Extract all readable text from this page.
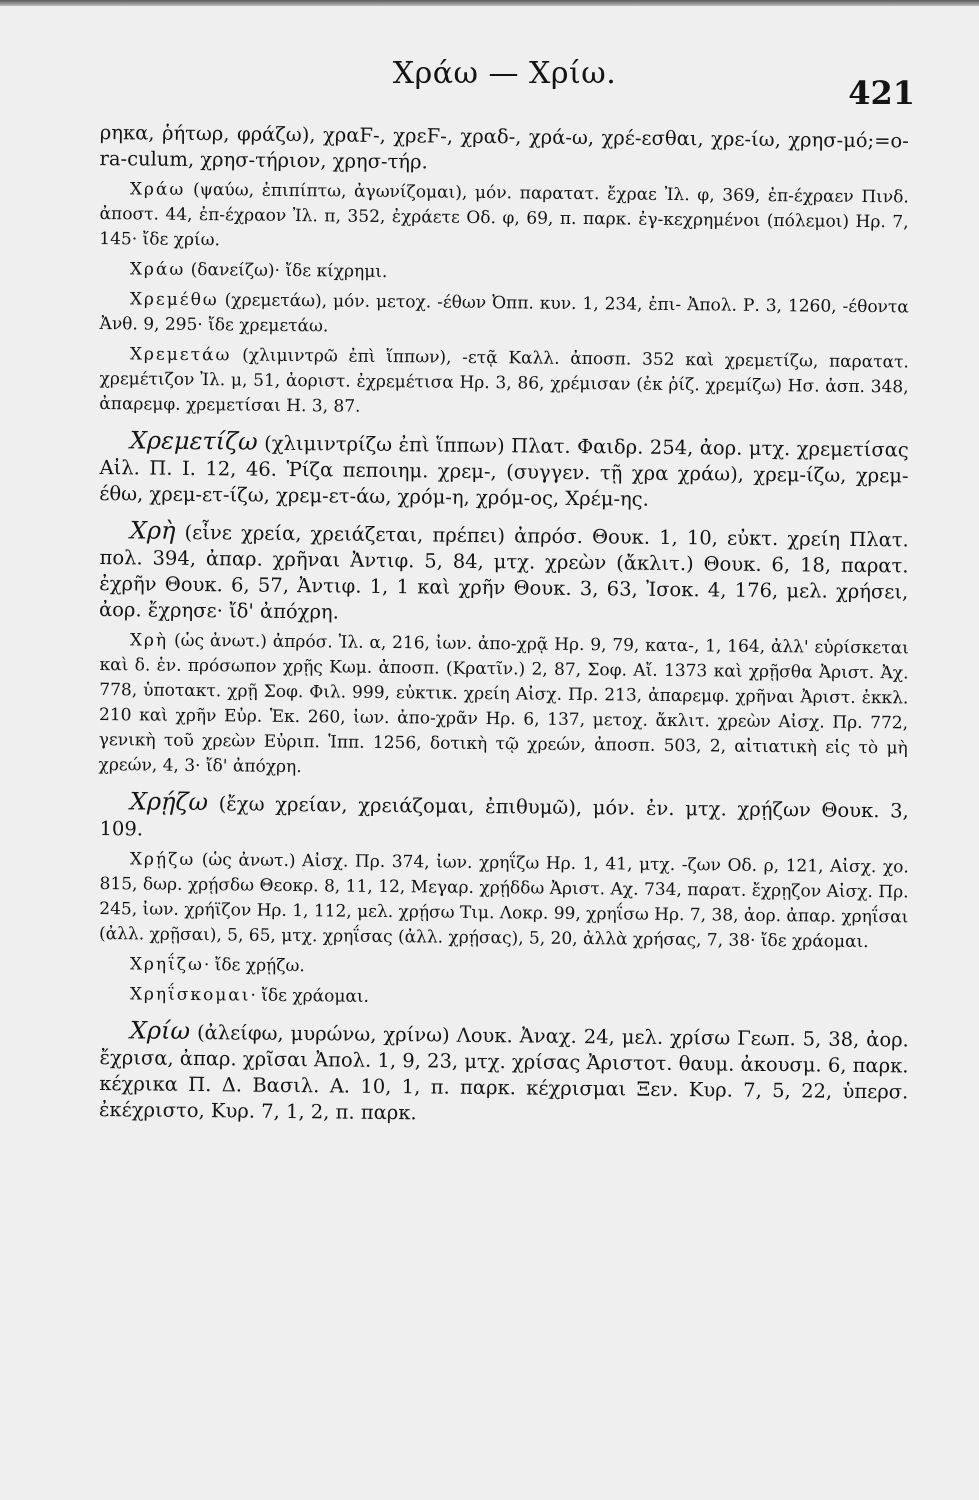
Χράω — Χρίω.
421

ρηκα, ῥήτωρ, φράζω), χραϜ-, χρεϜ-, χραδ-, χρά-ω, χρέ-εσθαι, χρε-ίω, χρησ-μό;=o-ra-culum, χρησ-τήριον, χρησ-τήρ.

Χράω (ψαύω, ἐπιπίπτω, ἀγωνίζομαι), μόν. παρατατ. ἔχραε Ἰλ. φ, 369, ἐπ-έχραεν Πινδ. ἀποστ. 44, ἐπ-έχραον Ἰλ. π, 352, ἐχράετε Οδ. φ, 69, π. παρκ. ἐγ-κεχρημένοι (πόλεμοι) Ηρ. 7, 145· ἴδε χρίω.

Χράω (δανείζω)· ἴδε κίχρημι.

Χρεμέθω (χρεμετάω), μόν. μετοχ. -έθων Ὀππ. κυν. 1, 234, ἐπι- Ἀπολ. Ρ. 3, 1260, -έθοντα Ἀνθ. 9, 295· ἴδε χρεμετάω.

Χρεμετάω (χλιμιντρῶ ἐπὶ ἵππων), -ετᾷ Καλλ. ἀποσπ. 352 καὶ χρεμετίζω, παρατατ. χρεμέτιζον Ἰλ. μ, 51, ἀοριστ. ἐχρεμέτισα Ηρ. 3, 86, χρέμισαν (ἐκ ῥίζ. χρεμίζω) Ησ. ἀσπ. 348, ἀπαρεμφ. χρεμετίσαι Η. 3, 87.

Χρεμετίζω (χλιμιντρίζω ἐπὶ ἵππων) Πλατ. Φαιδρ. 254, ἀορ. μτχ. χρεμετίσας Αἰλ. Π. Ι. 12, 46. Ῥίζα πεποιημ. χρεμ-, (συγγεν. τῇ χρα χράω), χρεμ-ίζω, χρεμ-έθω, χρεμ-ετ-ίζω, χρεμ-ετ-άω, χρόμ-η, χρόμ-ος, Χρέμ-ης.

Χρὴ (εἶνε χρεία, χρειάζεται, πρέπει) ἀπρόσ. Θουκ. 1, 10, εὐκτ. χρείη Πλατ. πολ. 394, ἀπαρ. χρῆναι Ἀντιφ. 5, 84, μτχ. χρεὼν (ἄκλιτ.) Θουκ. 6, 18, παρατ. ἐχρῆν Θουκ. 6, 57, Ἀντιφ. 1, 1 καὶ χρῆν Θουκ. 3, 63, Ἰσοκ. 4, 176, μελ. χρήσει, ἀορ. ἔχρησε· ἴδ' ἀπόχρη.

Χρὴ (ὡς ἀνωτ.) ἀπρόσ. Ἰλ. α, 216, ἰων. ἀπο-χρᾷ Ηρ. 9, 79, κατα-, 1, 164, ἀλλ' εὑρίσκεται καὶ δ. ἑν. πρόσωπον χρῇς Κωμ. ἀποσπ. (Κρατῖν.) 2, 87, Σοφ. Αἴ. 1373 καὶ χρῇσθα Ἀριστ. Ἀχ. 778, ὑποτακτ. χρῇ Σοφ. Φιλ. 999, εὐκτικ. χρείη Αἰσχ. Πρ. 213, ἀπαρεμφ. χρῆναι Ἀριστ. ἐκκλ. 210 καὶ χρῆν Εὐρ. Ἑκ. 260, ἰων. ἀπο-χρᾶν Ηρ. 6, 137, μετοχ. ἄκλιτ. χρεὼν Αἰσχ. Πρ. 772, γενικὴ τοῦ χρεὼν Εὐριπ. Ἱππ. 1256, δοτικὴ τῷ χρεών, ἀποσπ. 503, 2, αἰτιατικὴ εἰς τὸ μὴ χρεών, 4, 3· ἴδ' ἀπόχρη.

Χρῄζω (ἔχω χρείαν, χρειάζομαι, ἐπιθυμῶ), μόν. ἐν. μτχ. χρῄζων Θουκ. 3, 109.

Χρῄζω (ὡς ἀνωτ.) Αἰσχ. Πρ. 374, ἰων. χρηΐζω Ηρ. 1, 41, μτχ. -ζων Οδ. ρ, 121, Αἰσχ. χο. 815, δωρ. χρῄσδω Θεοκρ. 8, 11, 12, Μεγαρ. χρῄδδω Ἀριστ. Αχ. 734, παρατ. ἔχρῃζον Αἰσχ. Πρ. 245, ἰων. χρήϊζον Ηρ. 1, 112, μελ. χρῄσω Τιμ. Λοκρ. 99, χρηΐσω Ηρ. 7, 38, ἀορ. ἀπαρ. χρηΐσαι (ἀλλ. χρῇσαι), 5, 65, μτχ. χρηΐσας (ἀλλ. χρῄσας), 5, 20, ἀλλὰ χρήσας, 7, 38· ἴδε χράομαι.

Χρηΐζω· ἴδε χρῄζω.

Χρηΐσκομαι· ἴδε χράομαι.

Χρίω (ἀλείφω, μυρώνω, χρίνω) Λουκ. Ἀναχ. 24, μελ. χρίσω Γεωπ. 5, 38, ἀορ. ἔχρισα, ἀπαρ. χρῖσαι Ἀπολ. 1, 9, 23, μτχ. χρίσας Ἀριστοτ. θαυμ. ἀκουσμ. 6, παρκ. κέχρικα Π. Δ. Βασιλ. Α. 10, 1, π. παρκ. κέχρισμαι Ξεν. Κυρ. 7, 5, 22, ὑπερσ. ἐκέχριστο, Κυρ. 7, 1, 2, π. παρκ.
